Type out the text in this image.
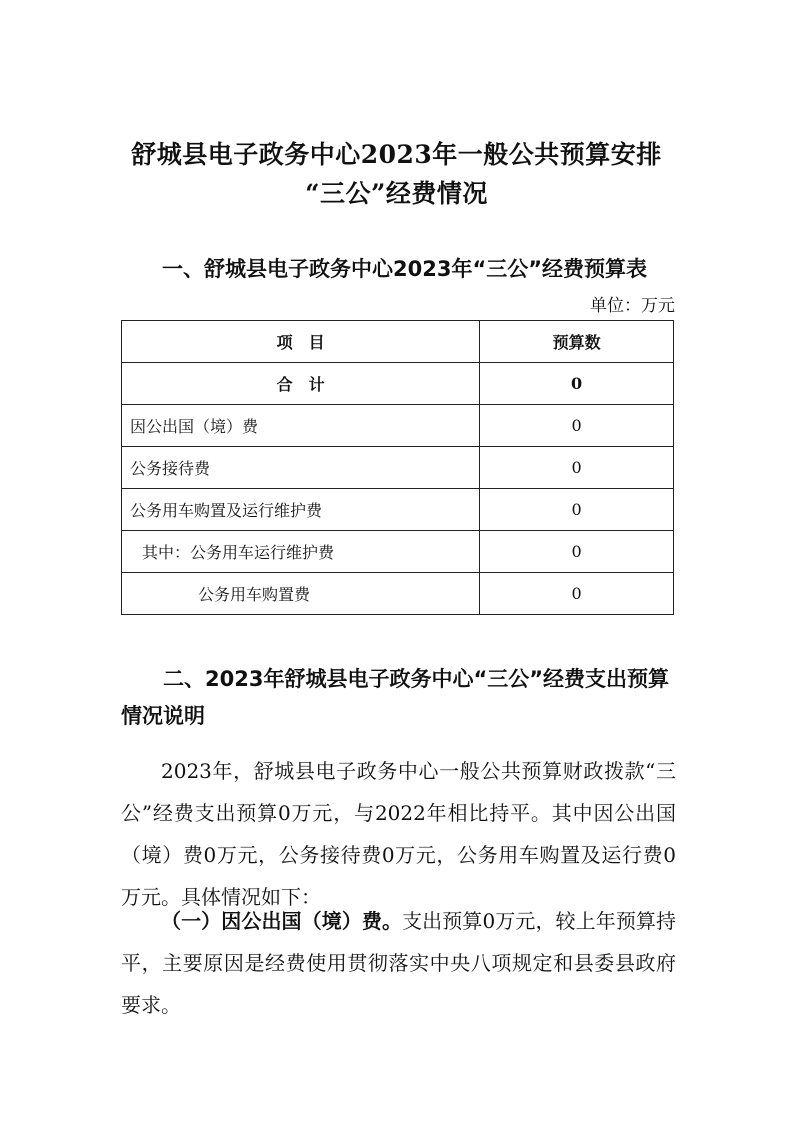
舒城县电子政务中心2023年一般公共预算安排
“三公”经费情况
一、舒城县电子政务中心2023年“三公”经费预算表
单位：万元
项　目	预算数
合　计	0
因公出国（境）费	0
公务接待费	0
公务用车购置及运行维护费	0
其中：公务用车运行维护费	0
公务用车购置费	0
二、2023年舒城县电子政务中心“三公”经费支出预算情况说明
2023年，舒城县电子政务中心一般公共预算财政拨款“三公”经费支出预算0万元，与2022年相比持平。其中因公出国（境）费0万元，公务接待费0万元，公务用车购置及运行费0万元。具体情况如下：
（一）因公出国（境）费。支出预算0万元，较上年预算持平，主要原因是经费使用贯彻落实中央八项规定和县委县政府要求。
